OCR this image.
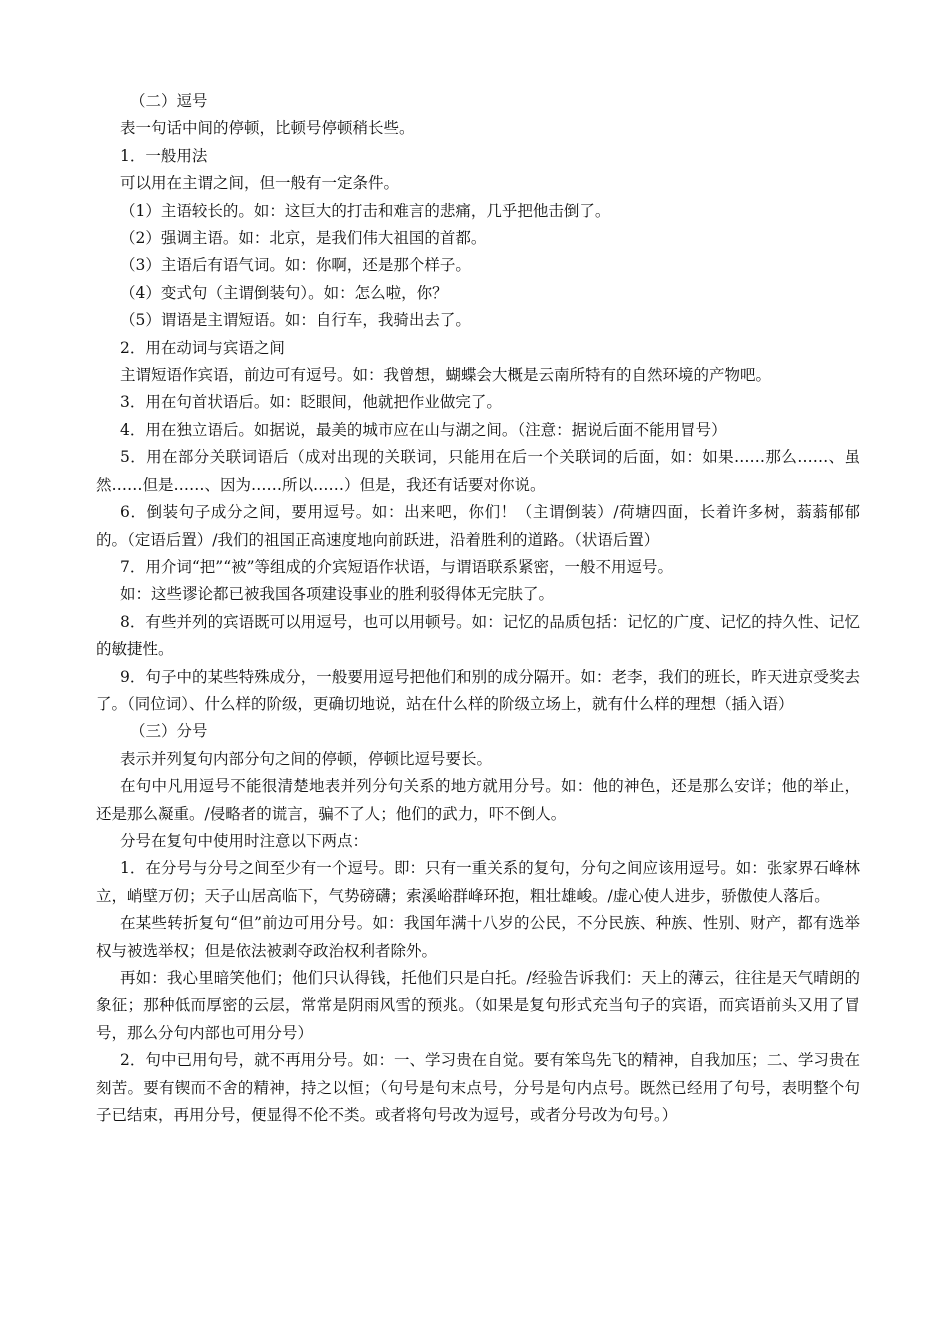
（二）逗号

表一句话中间的停顿，比顿号停顿稍长些。

1．一般用法

可以用在主谓之间，但一般有一定条件。

（1）主语较长的。如：这巨大的打击和难言的悲痛，几乎把他击倒了。

（2）强调主语。如：北京，是我们伟大祖国的首都。

（3）主语后有语气词。如：你啊，还是那个样子。

（4）变式句（主谓倒装句）。如：怎么啦，你？

（5）谓语是主谓短语。如：自行车，我骑出去了。

2．用在动词与宾语之间

主谓短语作宾语，前边可有逗号。如：我曾想，蝴蝶会大概是云南所特有的自然环境的产物吧。

3．用在句首状语后。如：眨眼间，他就把作业做完了。

4．用在独立语后。如据说，最美的城市应在山与湖之间。（注意：据说后面不能用冒号）

5．用在部分关联词语后（成对出现的关联词，只能用在后一个关联词的后面，如：如果……那么……、虽然……但是……、因为……所以……）但是，我还有话要对你说。

6．倒装句子成分之间，要用逗号。如：出来吧，你们！（主谓倒装）/荷塘四面，长着许多树，蓊蓊郁郁的。（定语后置）/我们的祖国正高速度地向前跃进，沿着胜利的道路。（状语后置）

7．用介词“把”“被”等组成的介宾短语作状语，与谓语联系紧密，一般不用逗号。

如：这些谬论都已被我国各项建设事业的胜利驳得体无完肤了。

8．有些并列的宾语既可以用逗号，也可以用顿号。如：记忆的品质包括：记忆的广度、记忆的持久性、记忆的敏捷性。

9．句子中的某些特殊成分，一般要用逗号把他们和别的成分隔开。如：老李，我们的班长，昨天进京受奖去了。（同位词）、什么样的阶级，更确切地说，站在什么样的阶级立场上，就有什么样的理想（插入语）

（三）分号

表示并列复句内部分句之间的停顿，停顿比逗号要长。

在句中凡用逗号不能很清楚地表并列分句关系的地方就用分号。如：他的神色，还是那么安详；他的举止，还是那么凝重。/侵略者的谎言，骗不了人；他们的武力，吓不倒人。

分号在复句中使用时注意以下两点：

1．在分号与分号之间至少有一个逗号。即：只有一重关系的复句，分句之间应该用逗号。如：张家界石峰林立，峭壁万仞；天子山居高临下，气势磅礴；索溪峪群峰环抱，粗壮雄峻。/虚心使人进步，骄傲使人落后。

在某些转折复句“但”前边可用分号。如：我国年满十八岁的公民，不分民族、种族、性别、财产，都有选举权与被选举权；但是依法被剥夺政治权利者除外。

再如：我心里暗笑他们；他们只认得钱，托他们只是白托。/经验告诉我们：天上的薄云，往往是天气晴朗的象征；那种低而厚密的云层，常常是阴雨风雪的预兆。（如果是复句形式充当句子的宾语，而宾语前头又用了冒号，那么分句内部也可用分号）

2．句中已用句号，就不再用分号。如：一、学习贵在自觉。要有笨鸟先飞的精神，自我加压；二、学习贵在刻苦。要有锲而不舍的精神，持之以恒；（句号是句末点号，分号是句内点号。既然已经用了句号，表明整个句子已结束，再用分号，便显得不伦不类。或者将句号改为逗号，或者分号改为句号。）
